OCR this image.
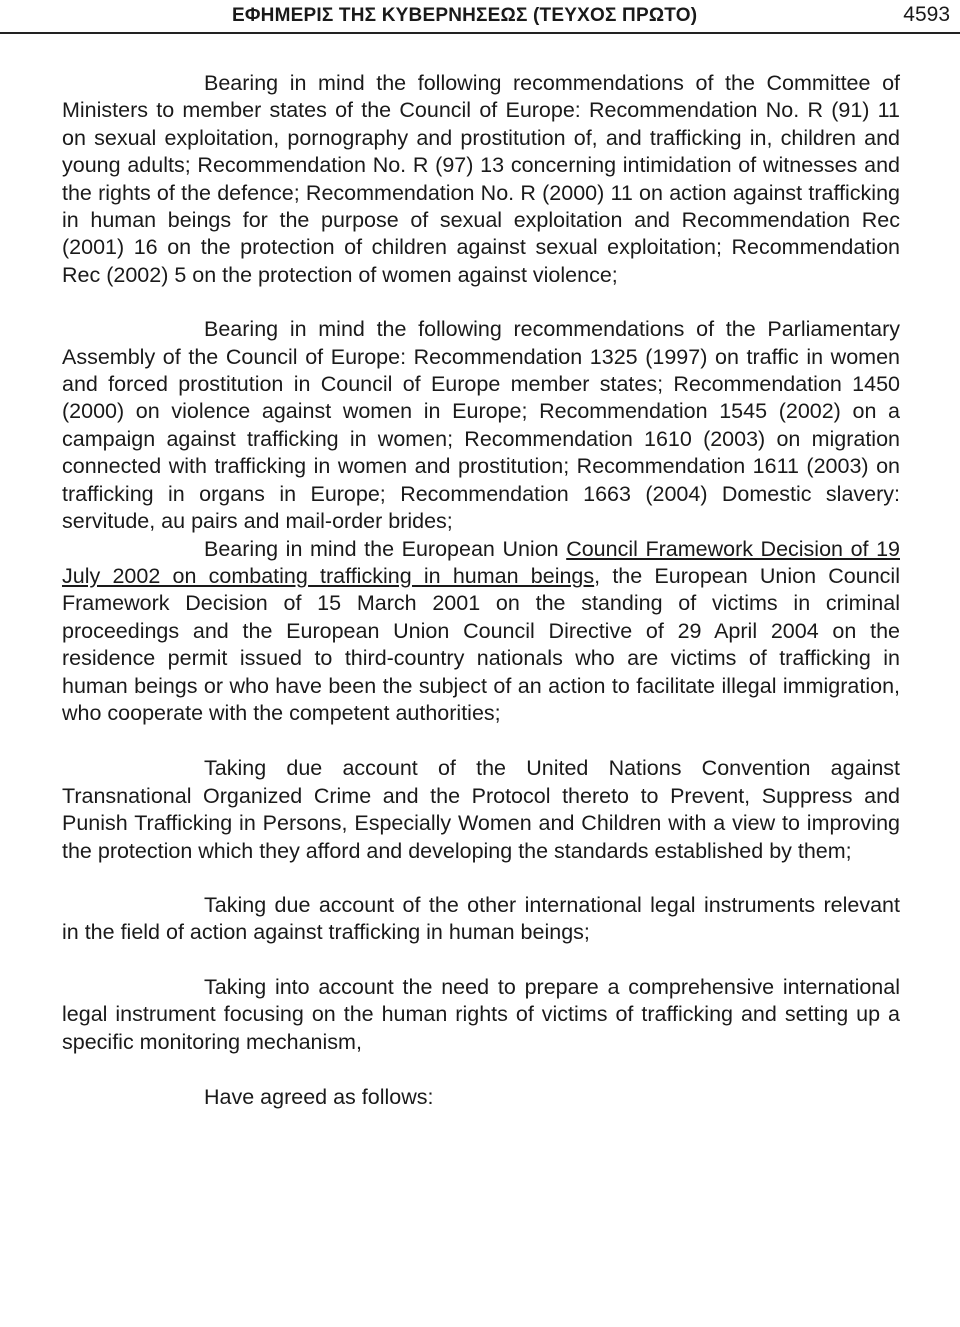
ΕΦΗΜΕΡΙΣ ΤΗΣ ΚΥΒΕΡΝΗΣΕΩΣ (ΤΕΥΧΟΣ ΠΡΩΤΟ)	4593

Bearing in mind the following recommendations of the Committee of Ministers to member states of the Council of Europe: Recommendation No. R (91) 11 on sexual exploitation, pornography and prostitution of, and trafficking in, children and young adults; Recommendation No. R (97) 13 concerning intimidation of witnesses and the rights of the defence; Recommendation No. R (2000) 11 on action against trafficking in human beings for the purpose of sexual exploitation and Recommendation Rec (2001) 16 on the protection of children against sexual exploitation; Recommendation Rec (2002) 5 on the protection of women against violence;

Bearing in mind the following recommendations of the Parliamentary Assembly of the Council of Europe: Recommendation 1325 (1997) on traffic in women and forced prostitution in Council of Europe member states; Recommendation 1450 (2000) on violence against women in Europe; Recommendation 1545 (2002) on a campaign against trafficking in women; Recommendation 1610 (2003) on migration connected with trafficking in women and prostitution; Recommendation 1611 (2003) on trafficking in organs in Europe; Recommendation 1663 (2004) Domestic slavery: servitude, au pairs and mail-order brides;

Bearing in mind the European Union Council Framework Decision of 19 July 2002 on combating trafficking in human beings, the European Union Council Framework Decision of 15 March 2001 on the standing of victims in criminal proceedings and the European Union Council Directive of 29 April 2004 on the residence permit issued to third-country nationals who are victims of trafficking in human beings or who have been the subject of an action to facilitate illegal immigration, who cooperate with the competent authorities;

Taking due account of the United Nations Convention against Transnational Organized Crime and the Protocol thereto to Prevent, Suppress and Punish Trafficking in Persons, Especially Women and Children with a view to improving the protection which they afford and developing the standards established by them;

Taking due account of the other international legal instruments relevant in the field of action against trafficking in human beings;

Taking into account the need to prepare a comprehensive international legal instrument focusing on the human rights of victims of trafficking and setting up a specific monitoring mechanism,

Have agreed as follows:
